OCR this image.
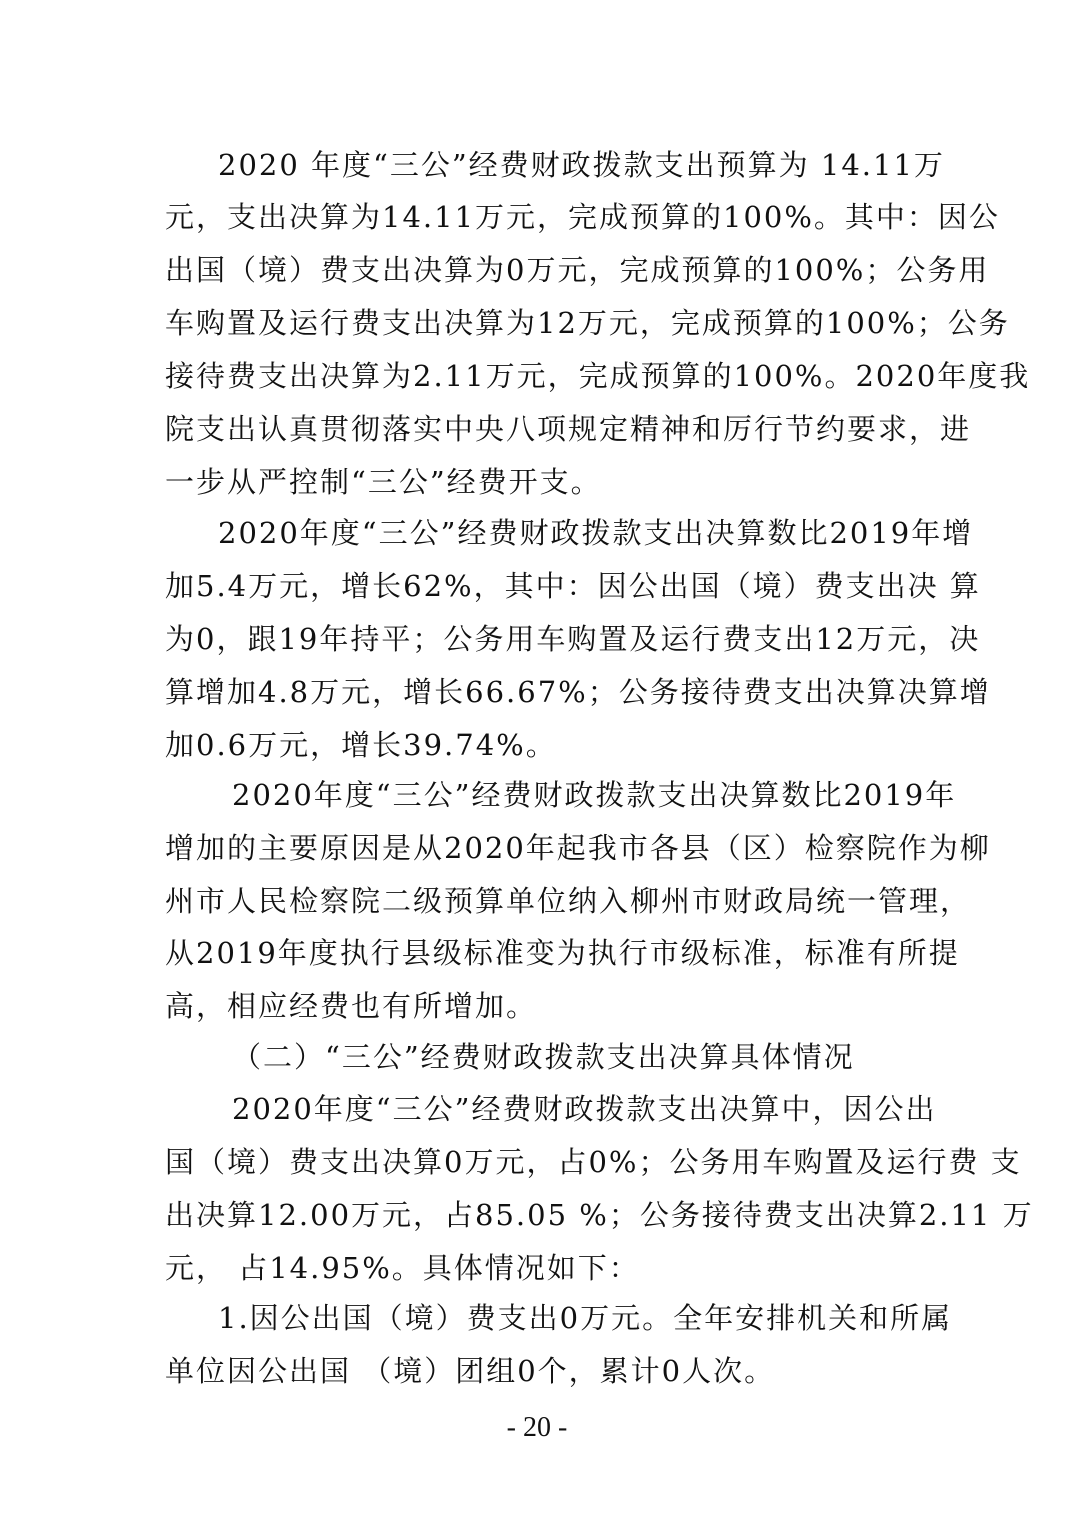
2020 年度“三公”经费财政拨款支出预算为 14.11万
元，支出决算为14.11万元，完成预算的100%。其中：因公
出国（境）费支出决算为0万元，完成预算的100%；公务用
车购置及运行费支出决算为12万元，完成预算的100%；公务
接待费支出决算为2.11万元，完成预算的100%。2020年度我
院支出认真贯彻落实中央八项规定精神和厉行节约要求，进
一步从严控制“三公”经费开支。
2020年度“三公”经费财政拨款支出决算数比2019年增
加5.4万元，增长62%，其中：因公出国（境）费支出决 算
为0，跟19年持平；公务用车购置及运行费支出12万元，决
算增加4.8万元，增长66.67%；公务接待费支出决算决算增
加0.6万元，增长39.74%。
2020年度“三公”经费财政拨款支出决算数比2019年
增加的主要原因是从2020年起我市各县（区）检察院作为柳
州市人民检察院二级预算单位纳入柳州市财政局统一管理，
从2019年度执行县级标准变为执行市级标准，标准有所提
高，相应经费也有所增加。
（二）“三公”经费财政拨款支出决算具体情况
2020年度“三公”经费财政拨款支出决算中，因公出
国（境）费支出决算0万元，占0%；公务用车购置及运行费 支
出决算12.00万元，占85.05 %；公务接待费支出决算2.11 万
元， 占14.95%。具体情况如下：
1.因公出国（境）费支出0万元。全年安排机关和所属
单位因公出国 （境）团组0个，累计0人次。
- 20 -
